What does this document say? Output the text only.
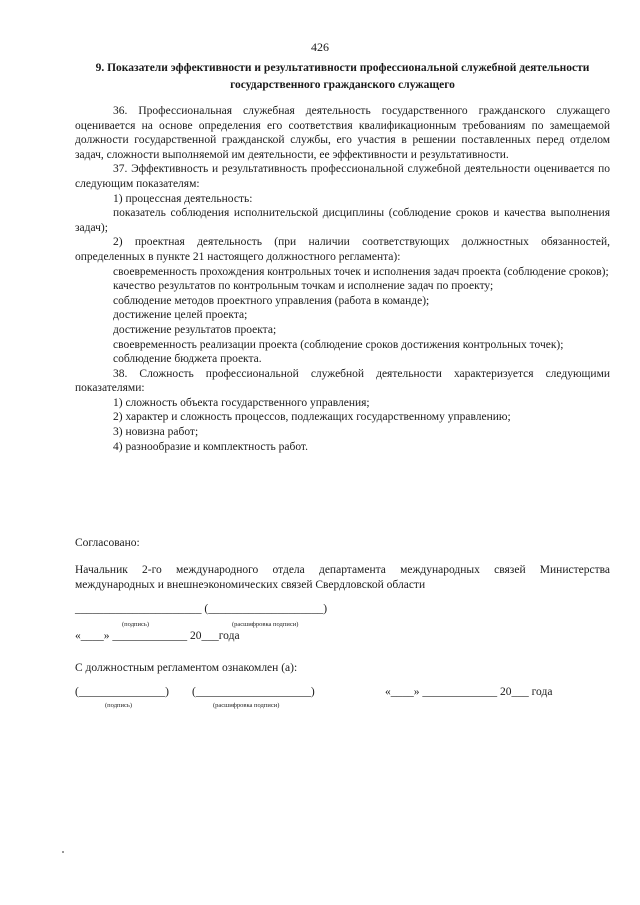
426
9. Показатели эффективности и результативности профессиональной служебной деятельности государственного гражданского служащего

36. Профессиональная служебная деятельность государственного гражданского служащего оценивается на основе определения его соответствия квалификационным требованиям по замещаемой должности государственной гражданской службы, его участия в решении поставленных перед отделом задач, сложности выполняемой им деятельности, ее эффективности и результативности.

37. Эффективность и результативность профессиональной служебной деятельности оценивается по следующим показателям:

1) процессная деятельность:

показатель соблюдения исполнительской дисциплины (соблюдение сроков и качества выполнения задач);

2) проектная деятельность (при наличии соответствующих должностных обязанностей, определенных в пункте 21 настоящего должностного регламента):

своевременность прохождения контрольных точек и исполнения задач проекта (соблюдение сроков);

качество результатов по контрольным точкам и исполнение задач по проекту;

соблюдение методов проектного управления (работа в команде);

достижение целей проекта;

достижение результатов проекта;

своевременность реализации проекта (соблюдение сроков достижения контрольных точек);

соблюдение бюджета проекта.

38. Сложность профессиональной служебной деятельности характеризуется следующими показателями:

1) сложность объекта государственного управления;

2) характер и сложность процессов, подлежащих государственному управлению;

3) новизна работ;

4) разнообразие и комплектность работ.

Согласовано:
Начальник 2-го международного отдела департамента международных связей Министерства международных и внешнеэкономических связей Свердловской области
______________________ (____________________)
(подпись)	(расшифровка подписи)
«____» _____________ 20___года
С должностным регламентом ознакомлен (а):
(_______________) (____________________)	«____» _____________ 20___ года
(подпись)	(расшифровка подписи)
